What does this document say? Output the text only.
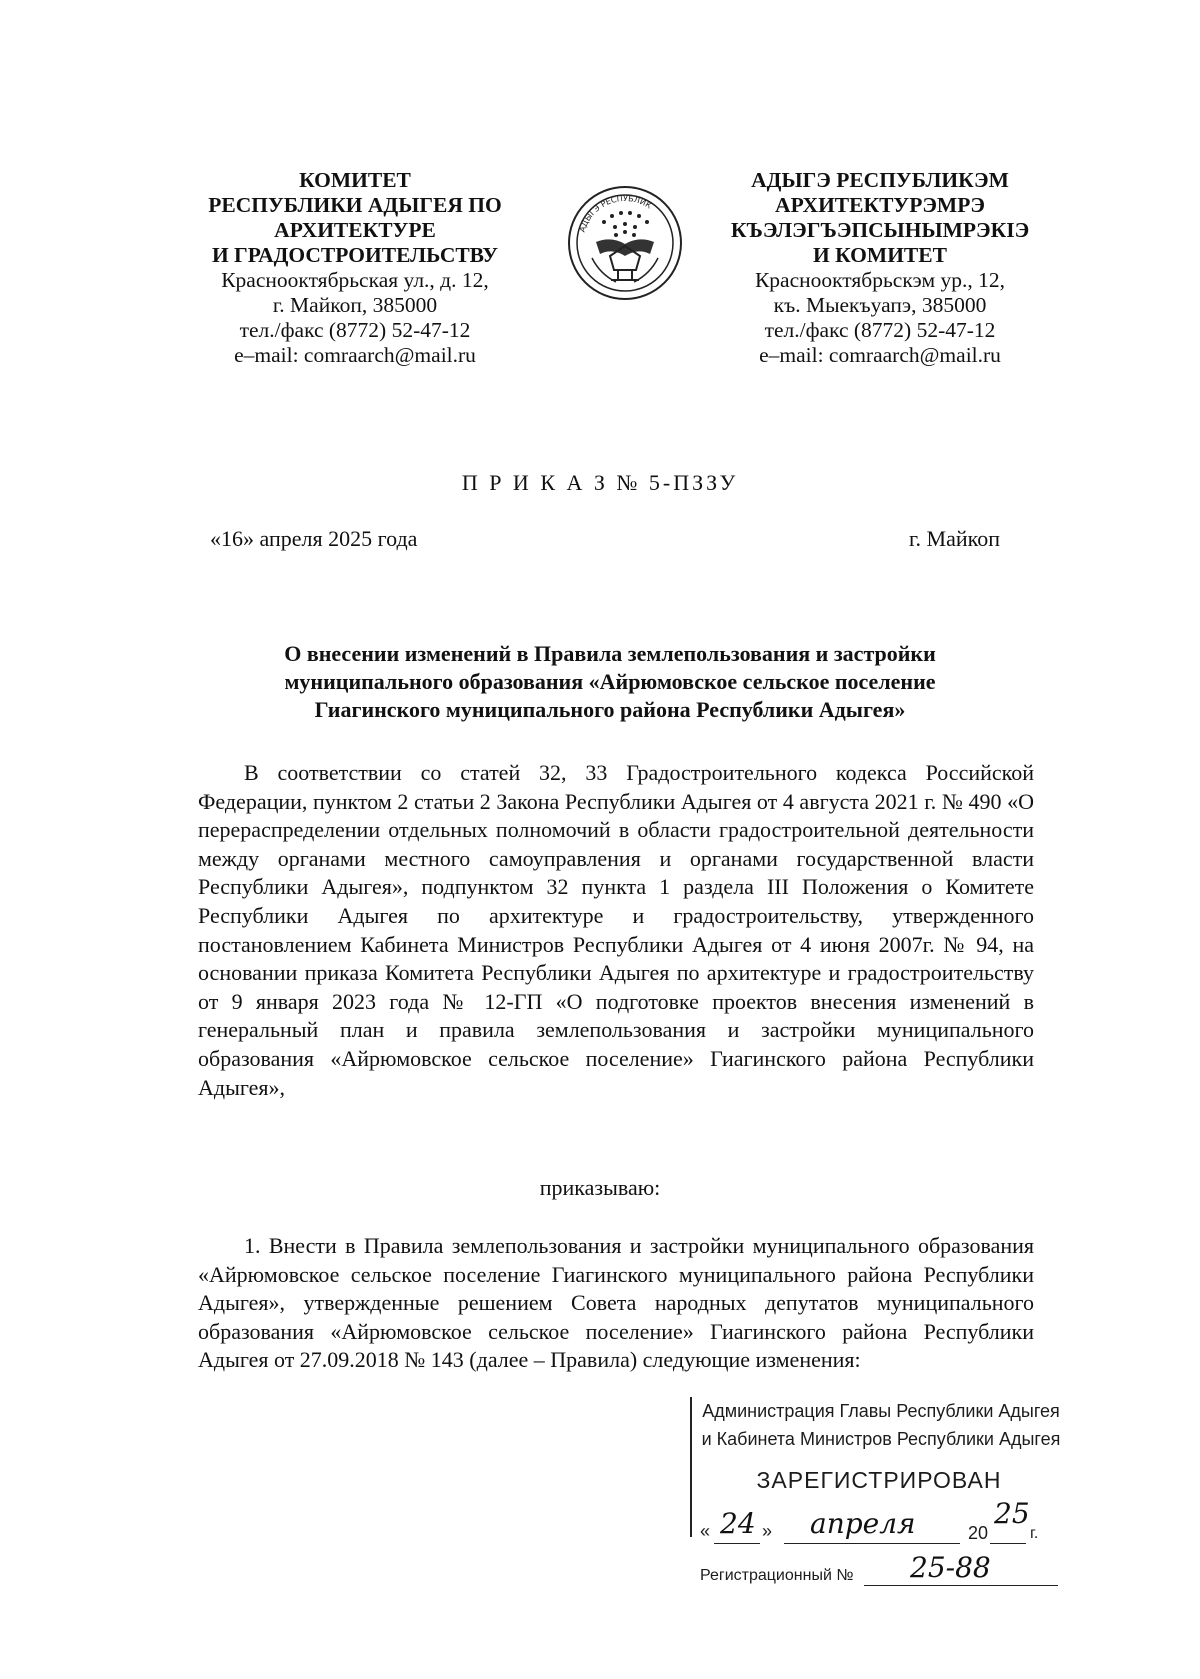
КОМИТЕТ
РЕСПУБЛИКИ АДЫГЕЯ ПО
АРХИТЕКТУРЕ
И ГРАДОСТРОИТЕЛЬСТВУ
Краснооктябрьская ул., д. 12,
г. Майкоп, 385000
тел./факс (8772) 52-47-12
e–mail: comraarch@mail.ru
АДЫГЭ РЕСПУБЛИК
АДЫГЭ РЕСПУБЛИКЭМ
АРХИТЕКТУРЭМРЭ
КЪЭЛЭГЪЭПСЫНЫМРЭКIЭ
И КОМИТЕТ
Краснооктябрьскэм ур., 12,
къ. Мыекъуапэ, 385000
тел./факс (8772) 52-47-12
e–mail: comraarch@mail.ru
П Р И К А З № 5-ПЗЗУ
«16» апреля 2025 года	г. Майкоп
О внесении изменений в Правила землепользования и застройки
муниципального образования «Айрюмовское сельское поселение
Гиагинского муниципального района Республики Адыгея»
В соответствии со статей 32, 33 Градостроительного кодекса Российской Федерации, пунктом 2 статьи 2 Закона Республики Адыгея от 4 августа 2021 г. № 490 «О перераспределении отдельных полномочий в области градостроительной деятельности между органами местного самоуправления и органами государственной власти Республики Адыгея», подпунктом 32 пункта 1 раздела III Положения о Комитете Республики Адыгея по архитектуре и градостроительству, утвержденного постановлением Кабинета Министров Республики Адыгея от 4 июня 2007г. № 94, на основании приказа Комитета Республики Адыгея по архитектуре и градостроительству от 9 января 2023 года № 12-ГП «О подготовке проектов внесения изменений в генеральный план и правила землепользования и застройки муниципального образования «Айрюмовское сельское поселение» Гиагинского района Республики Адыгея»,
приказываю:
1. Внести в Правила землепользования и застройки муниципального образования «Айрюмовское сельское поселение Гиагинского муниципального района Республики Адыгея», утвержденные решением Совета народных депутатов муниципального образования «Айрюмовское сельское поселение» Гиагинского района Республики Адыгея от 27.09.2018 № 143 (далее – Правила) следующие изменения:
Администрация Главы Республики Адыгея
и Кабинета Министров Республики Адыгея
ЗАРЕГИСТРИРОВАН
« 24 » апреля	20
25
г.
Регистрационный № 25-88
